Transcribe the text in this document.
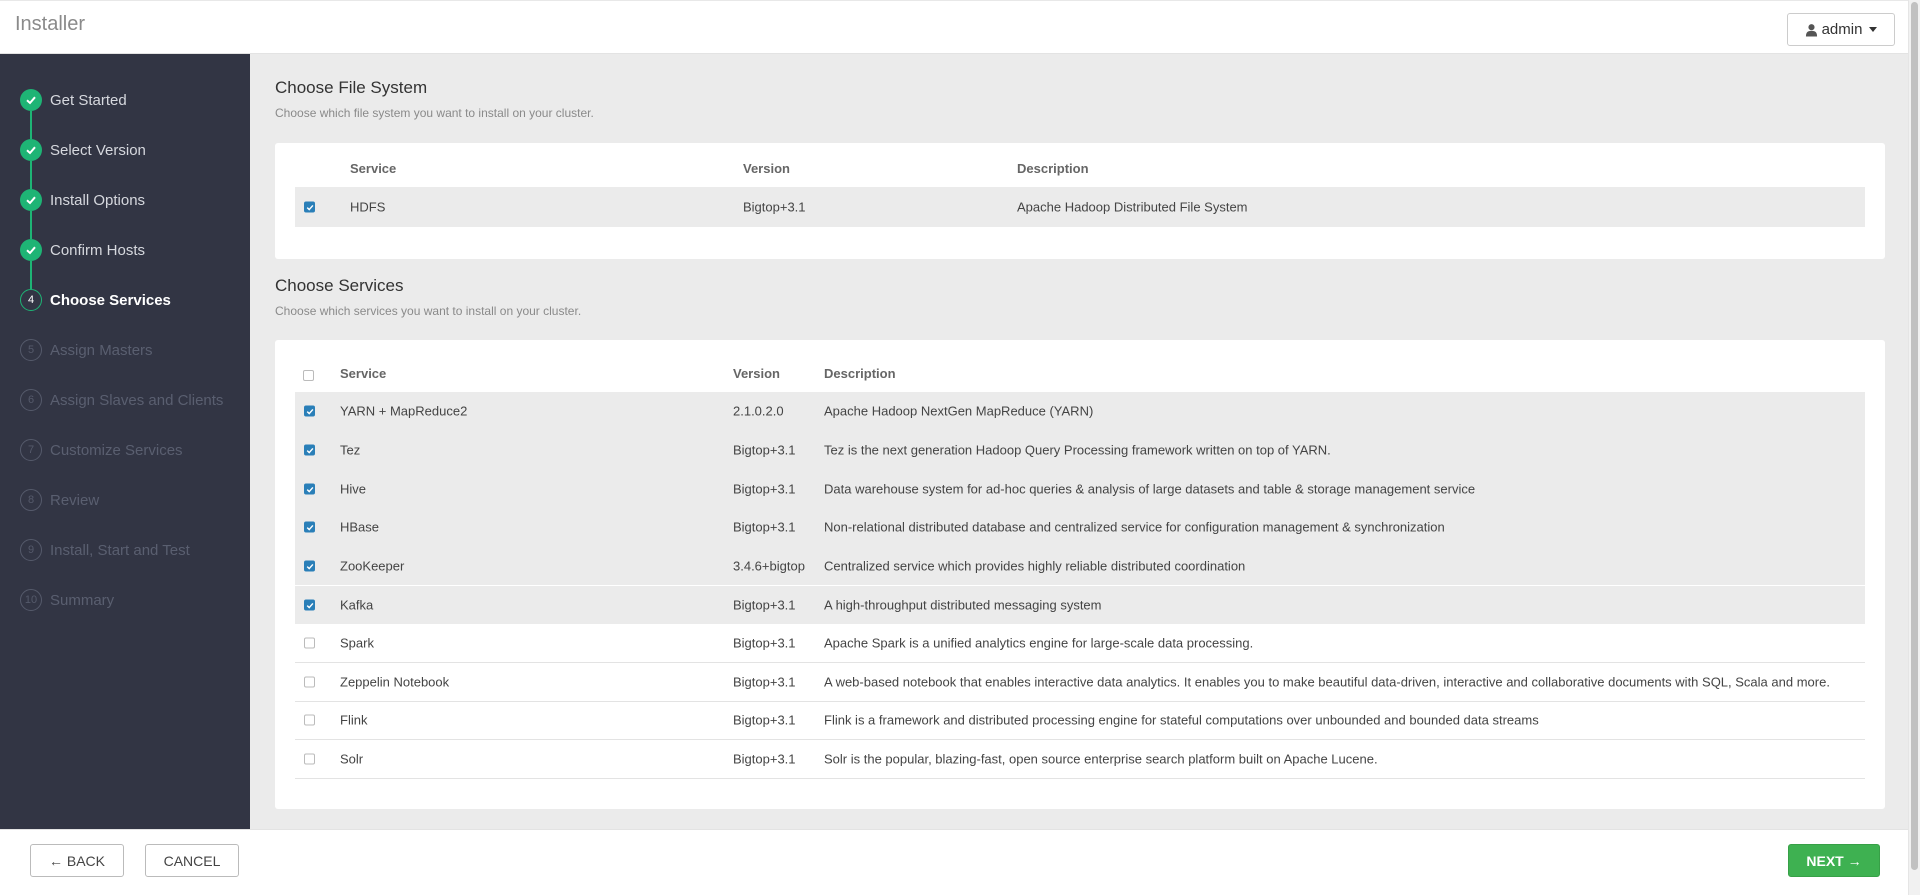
Installer	admin
Get Started
Select Version
Install Options
Confirm Hosts
4	Choose Services
5	Assign Masters
6	Assign Slaves and Clients
7	Customize Services
8	Review
9	Install, Start and Test
10 Summary
Choose File System
Choose which file system you want to install on your cluster.
Service	Version	Description
HDFS	Bigtop+3.1	Apache Hadoop Distributed File System
Choose Services
Choose which services you want to install on your cluster.
Service	Version	Description
YARN + MapReduce2	2.1.0.2.0	Apache Hadoop NextGen MapReduce (YARN)
Tez	Bigtop+3.1 Tez is the next generation Hadoop Query Processing framework written on top of YARN.
Hive	Bigtop+3.1 Data warehouse system for ad-hoc queries & analysis of large datasets and table & storage management service
HBase	Bigtop+3.1 Non-relational distributed database and centralized service for configuration management & synchronization
ZooKeeper	3.4.6+bigtop Centralized service which provides highly reliable distributed coordination
Kafka	Bigtop+3.1 A high-throughput distributed messaging system
Spark	Bigtop+3.1 Apache Spark is a unified analytics engine for large-scale data processing.
Zeppelin Notebook	Bigtop+3.1 A web-based notebook that enables interactive data analytics. It enables you to make beautiful data-driven, interactive and collaborative documents with SQL, Scala and more.
Flink	Bigtop+3.1 Flink is a framework and distributed processing engine for stateful computations over unbounded and bounded data streams
Solr	Bigtop+3.1 Solr is the popular, blazing-fast, open source enterprise search platform built on Apache Lucene.
← BACK	CANCEL	NEXT →
